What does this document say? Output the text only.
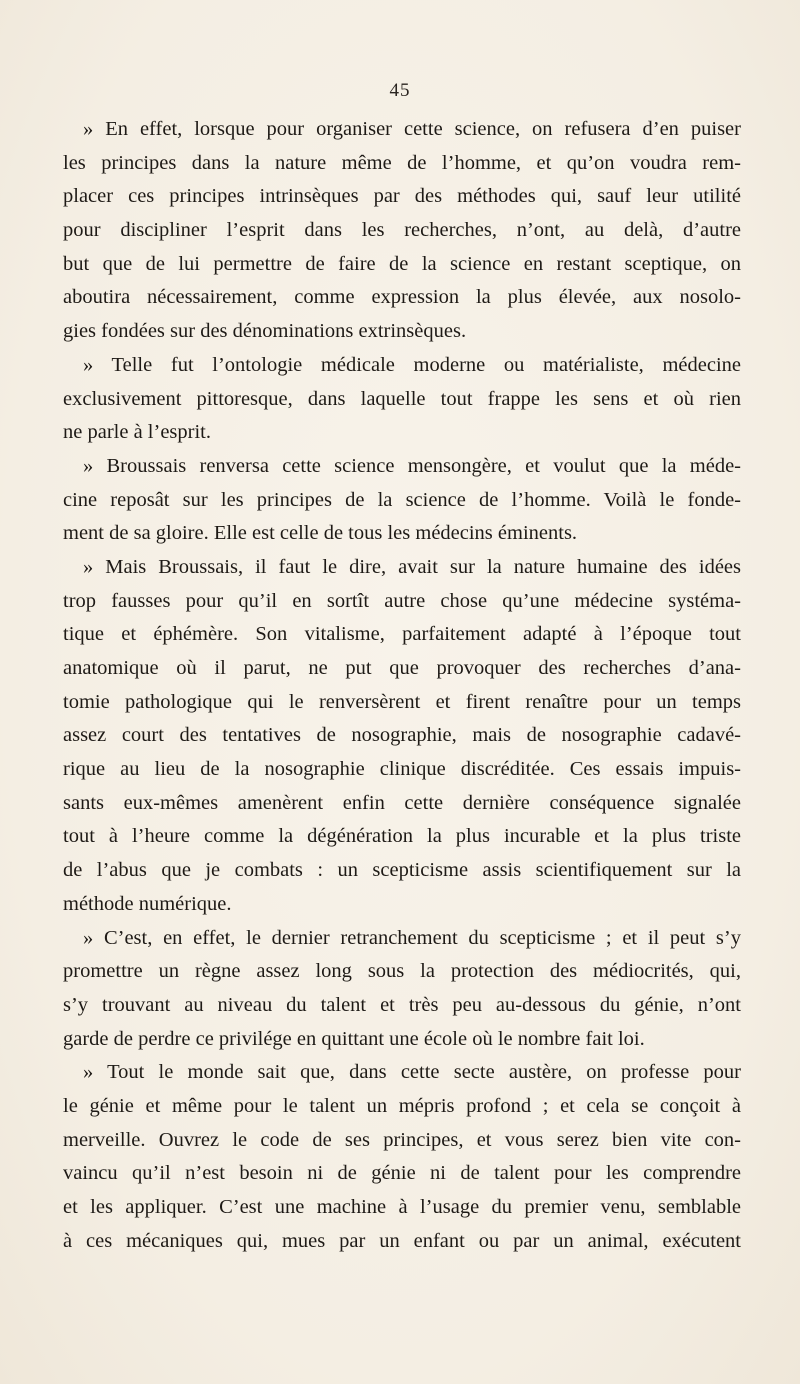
45
» En effet, lorsque pour organiser cette science, on refusera d’en puiser
les principes dans la nature même de l’homme, et qu’on voudra rem-
placer ces principes intrinsèques par des méthodes qui, sauf leur utilité
pour discipliner l’esprit dans les recherches, n’ont, au delà, d’autre
but que de lui permettre de faire de la science en restant sceptique, on
aboutira nécessairement, comme expression la plus élevée, aux nosolo-
gies fondées sur des dénominations extrinsèques.
» Telle fut l’ontologie médicale moderne ou matérialiste, médecine
exclusivement pittoresque, dans laquelle tout frappe les sens et où rien
ne parle à l’esprit.
» Broussais renversa cette science mensongère, et voulut que la méde-
cine reposât sur les principes de la science de l’homme. Voilà le fonde-
ment de sa gloire. Elle est celle de tous les médecins éminents.
» Mais Broussais, il faut le dire, avait sur la nature humaine des idées
trop fausses pour qu’il en sortît autre chose qu’une médecine systéma-
tique et éphémère. Son vitalisme, parfaitement adapté à l’époque tout
anatomique où il parut, ne put que provoquer des recherches d’ana-
tomie pathologique qui le renversèrent et firent renaître pour un temps
assez court des tentatives de nosographie, mais de nosographie cadavé-
rique au lieu de la nosographie clinique discréditée. Ces essais impuis-
sants eux-mêmes amenèrent enfin cette dernière conséquence signalée
tout à l’heure comme la dégénération la plus incurable et la plus triste
de l’abus que je combats : un scepticisme assis scientifiquement sur la
méthode numérique.
» C’est, en effet, le dernier retranchement du scepticisme ; et il peut s’y
promettre un règne assez long sous la protection des médiocrités, qui,
s’y trouvant au niveau du talent et très peu au-dessous du génie, n’ont
garde de perdre ce privilége en quittant une école où le nombre fait loi.
» Tout le monde sait que, dans cette secte austère, on professe pour
le génie et même pour le talent un mépris profond ; et cela se conçoit à
merveille. Ouvrez le code de ses principes, et vous serez bien vite con-
vaincu qu’il n’est besoin ni de génie ni de talent pour les comprendre
et les appliquer. C’est une machine à l’usage du premier venu, semblable
à ces mécaniques qui, mues par un enfant ou par un animal, exécutent
